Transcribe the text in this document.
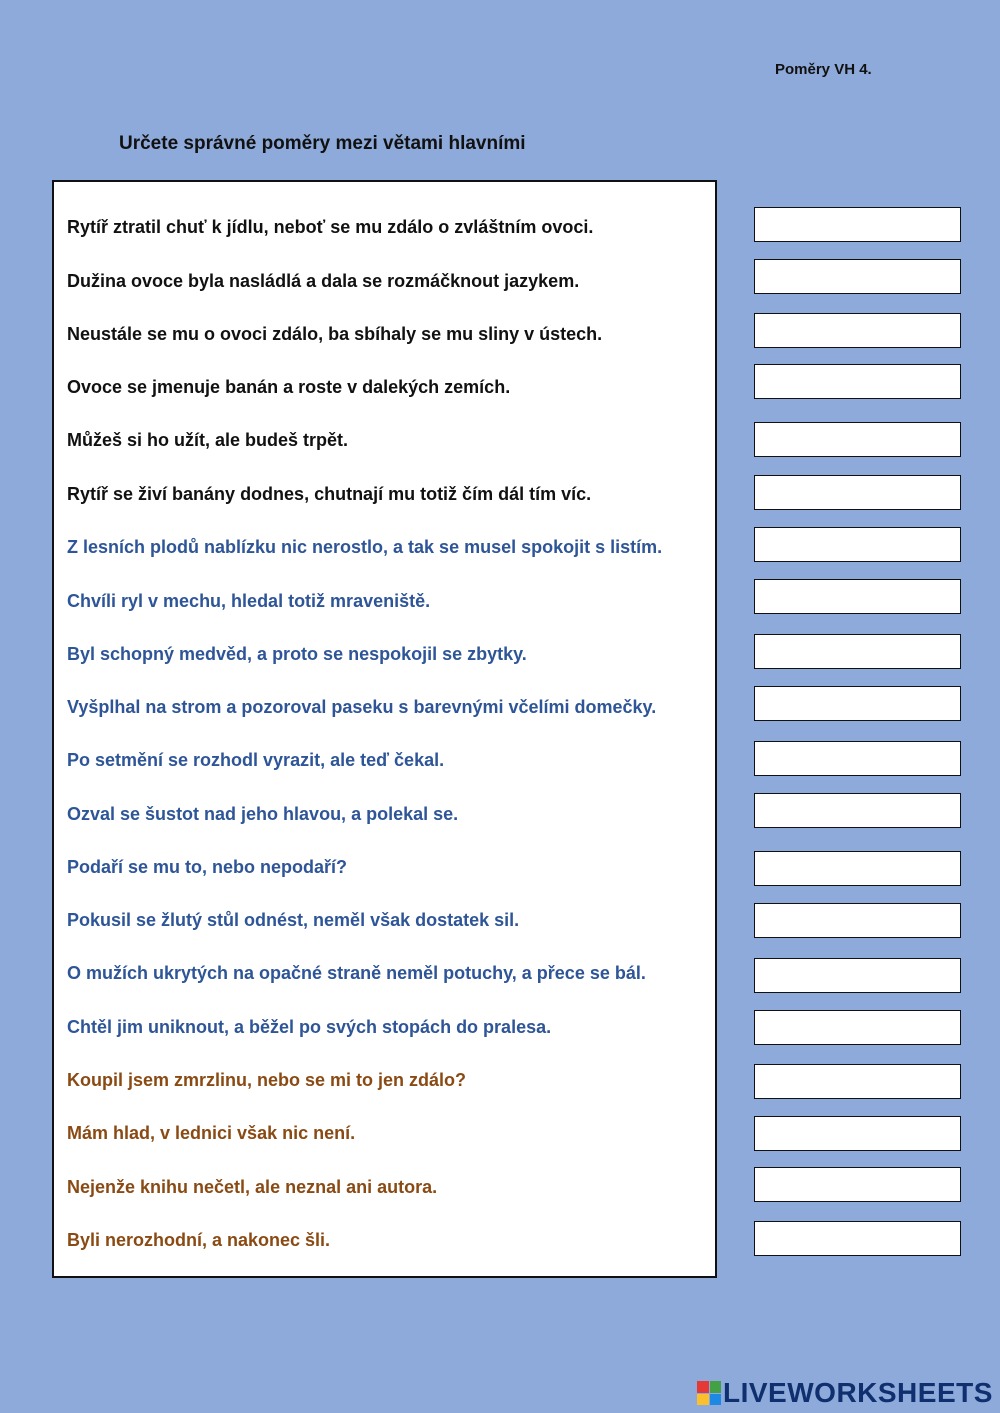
Poměry VH 4.
Určete správné poměry mezi větami hlavními
Rytíř ztratil chuť k jídlu, neboť se mu zdálo o zvláštním ovoci.
Dužina ovoce byla nasládlá a dala se rozmáčknout jazykem.
Neustále se mu o ovoci zdálo, ba sbíhaly se mu sliny v ústech.
Ovoce se jmenuje banán a roste v dalekých zemích.
Můžeš si ho užít, ale budeš trpět.
Rytíř se živí banány dodnes, chutnají mu totiž čím dál tím víc.
Z lesních plodů nablízku nic nerostlo, a tak se musel spokojit s listím.
Chvíli ryl v mechu, hledal totiž mraveniště.
Byl schopný medvěd, a proto se nespokojil se zbytky.
Vyšplhal na strom a pozoroval paseku s barevnými včelími domečky.
Po setmění se rozhodl vyrazit, ale teď čekal.
Ozval se šustot nad jeho hlavou, a polekal se.
Podaří se mu to, nebo nepodaří?
Pokusil se žlutý stůl odnést, neměl však dostatek sil.
O mužích ukrytých na opačné straně neměl potuchy, a přece se bál.
Chtěl jim uniknout, a běžel po svých stopách do pralesa.
Koupil jsem zmrzlinu, nebo se mi to jen zdálo?
Mám hlad, v lednici však nic není.
Nejenže knihu nečetl, ale neznal ani autora.
Byli nerozhodní, a nakonec šli.
LIVEWORKSHEETS
